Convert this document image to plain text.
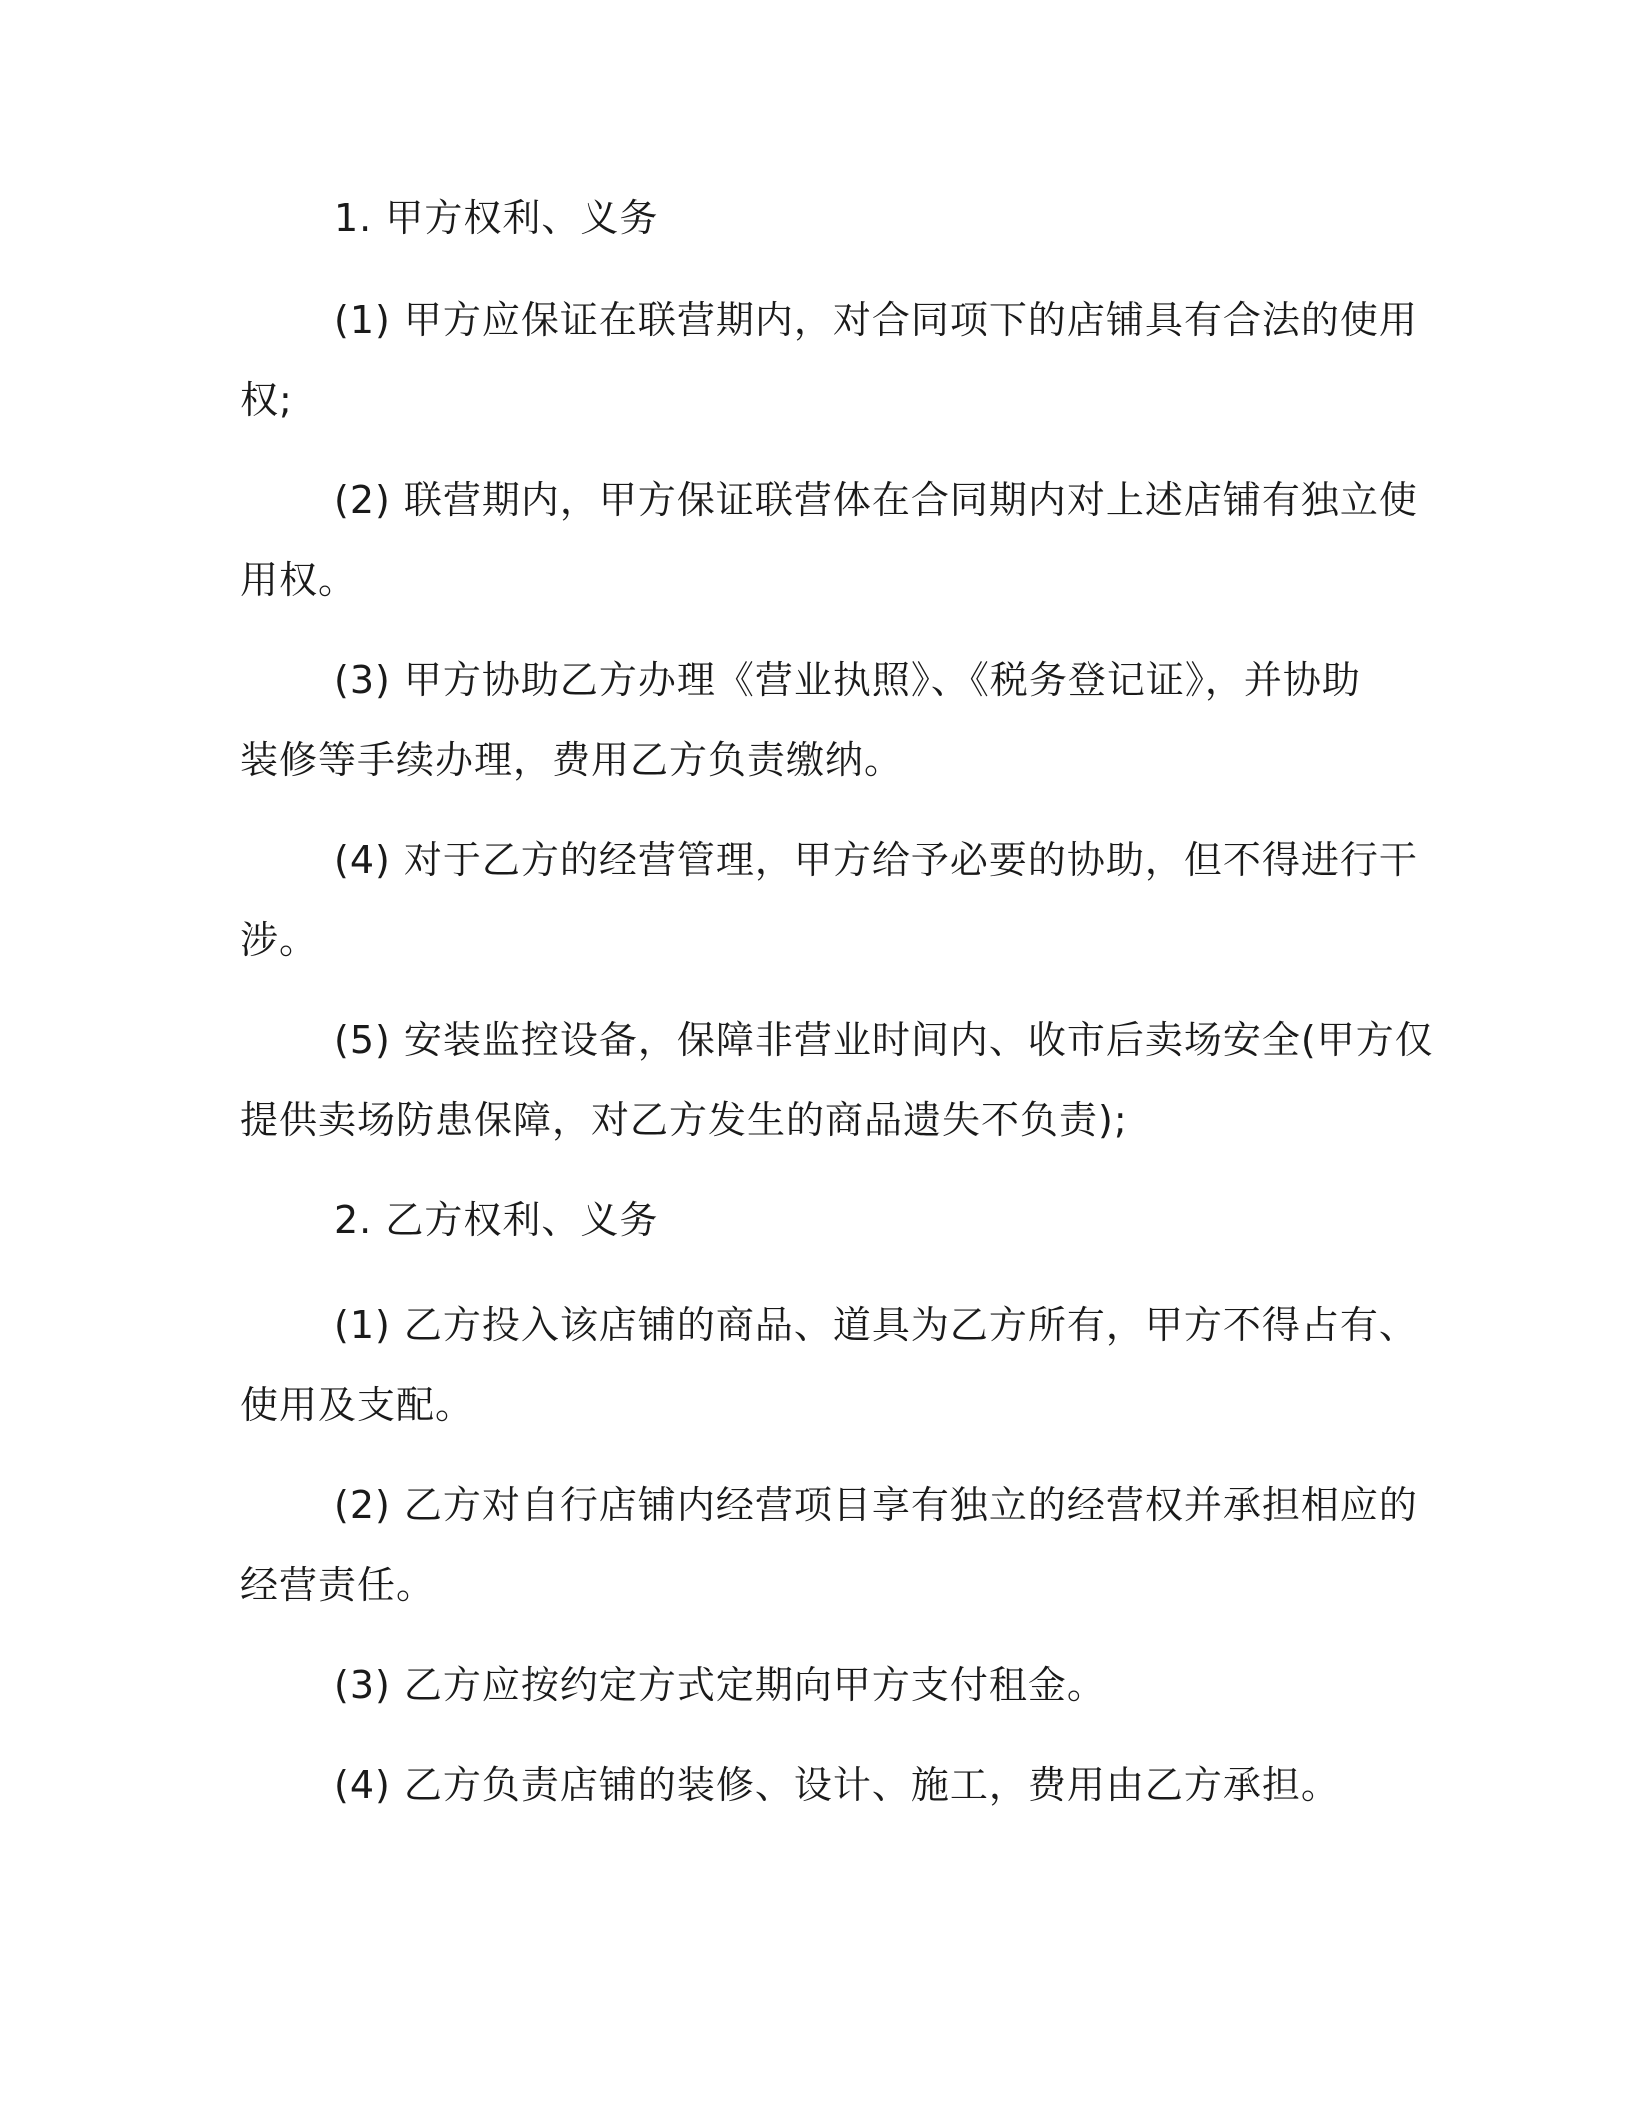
1. 甲方权利、义务
(1) 甲方应保证在联营期内，对合同项下的店铺具有合法的使用
权;
(2) 联营期内，甲方保证联营体在合同期内对上述店铺有独立使
用权。
(3) 甲方协助乙方办理《营业执照》、《税务登记证》，并协助
装修等手续办理，费用乙方负责缴纳。
(4) 对于乙方的经营管理，甲方给予必要的协助，但不得进行干
涉。
(5) 安装监控设备，保障非营业时间内、收市后卖场安全(甲方仅
提供卖场防患保障，对乙方发生的商品遗失不负责);
2. 乙方权利、义务
(1) 乙方投入该店铺的商品、道具为乙方所有，甲方不得占有、
使用及支配。
(2) 乙方对自行店铺内经营项目享有独立的经营权并承担相应的
经营责任。
(3) 乙方应按约定方式定期向甲方支付租金。
(4) 乙方负责店铺的装修、设计、施工，费用由乙方承担。
